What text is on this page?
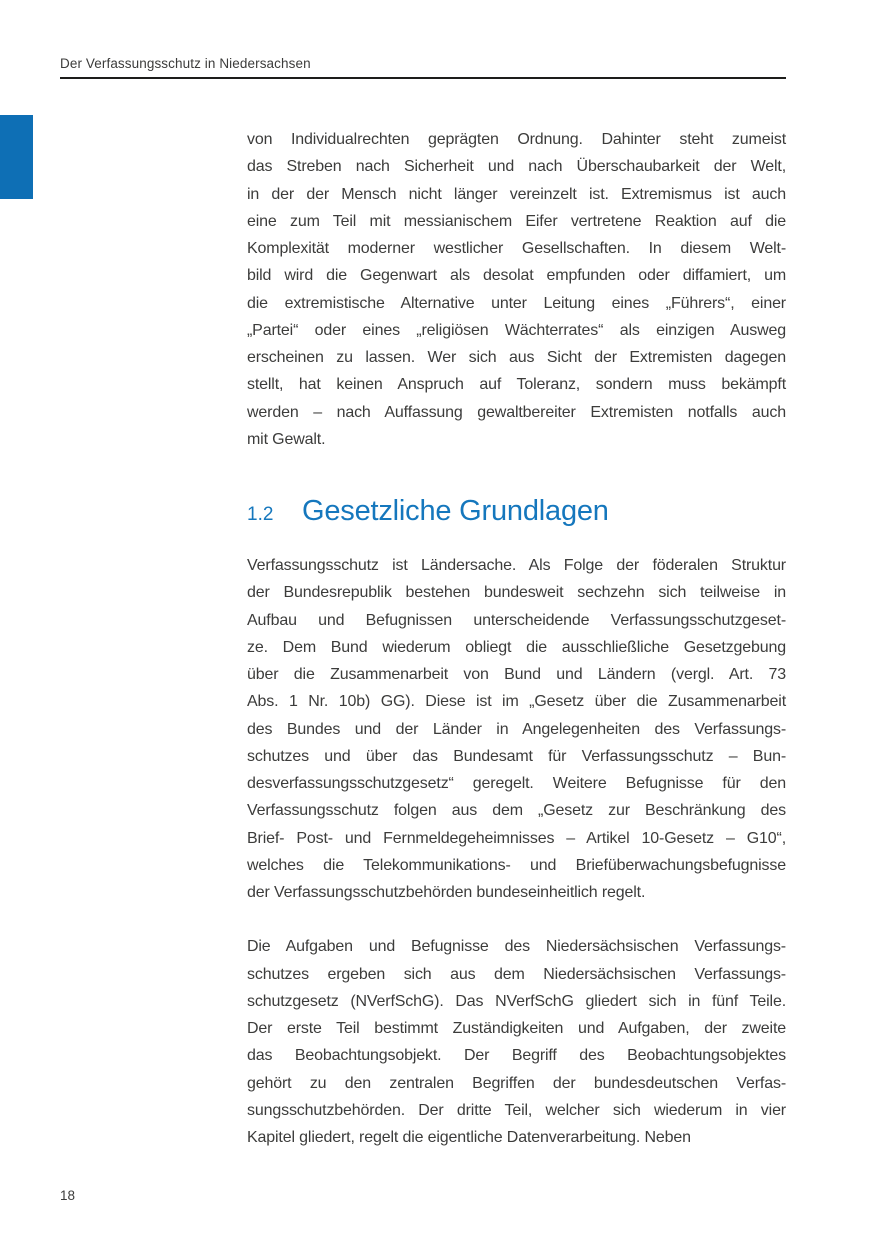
Der Verfassungsschutz in Niedersachsen
von Individualrechten geprägten Ordnung. Dahinter steht zumeist
das Streben nach Sicherheit und nach Überschaubarkeit der Welt,
in der der Mensch nicht länger vereinzelt ist. Extremismus ist auch
eine zum Teil mit messianischem Eifer vertretene Reaktion auf die
Komplexität moderner westlicher Gesellschaften. In diesem Welt-
bild wird die Gegenwart als desolat empfunden oder diffamiert, um
die extremistische Alternative unter Leitung eines „Führers“, einer
„Partei“ oder eines „religiösen Wächterrates“ als einzigen Ausweg
erscheinen zu lassen. Wer sich aus Sicht der Extremisten dagegen
stellt, hat keinen Anspruch auf Toleranz, sondern muss bekämpft
werden – nach Auffassung gewaltbereiter Extremisten notfalls auch
mit Gewalt.
1.2 Gesetzliche Grundlagen
Verfassungsschutz ist Ländersache. Als Folge der föderalen Struktur
der Bundesrepublik bestehen bundesweit sechzehn sich teilweise in
Aufbau und Befugnissen unterscheidende Verfassungsschutzgeset-
ze. Dem Bund wiederum obliegt die ausschließliche Gesetzgebung
über die Zusammenarbeit von Bund und Ländern (vergl. Art. 73
Abs. 1 Nr. 10b) GG). Diese ist im „Gesetz über die Zusammenarbeit
des Bundes und der Länder in Angelegenheiten des Verfassungs-
schutzes und über das Bundesamt für Verfassungsschutz – Bun-
desverfassungsschutzgesetz“ geregelt. Weitere Befugnisse für den
Verfassungsschutz folgen aus dem „Gesetz zur Beschränkung des
Brief- Post- und Fernmeldegeheimnisses – Artikel 10-Gesetz – G10“,
welches die Telekommunikations- und Briefüberwachungsbefugnisse
der Verfassungsschutzbehörden bundeseinheitlich regelt.
Die Aufgaben und Befugnisse des Niedersächsischen Verfassungs-
schutzes ergeben sich aus dem Niedersächsischen Verfassungs-
schutzgesetz (NVerfSchG). Das NVerfSchG gliedert sich in fünf Teile.
Der erste Teil bestimmt Zuständigkeiten und Aufgaben, der zweite
das Beobachtungsobjekt. Der Begriff des Beobachtungsobjektes
gehört zu den zentralen Begriffen der bundesdeutschen Verfas-
sungsschutzbehörden. Der dritte Teil, welcher sich wiederum in vier
Kapitel gliedert, regelt die eigentliche Datenverarbeitung. Neben
18
